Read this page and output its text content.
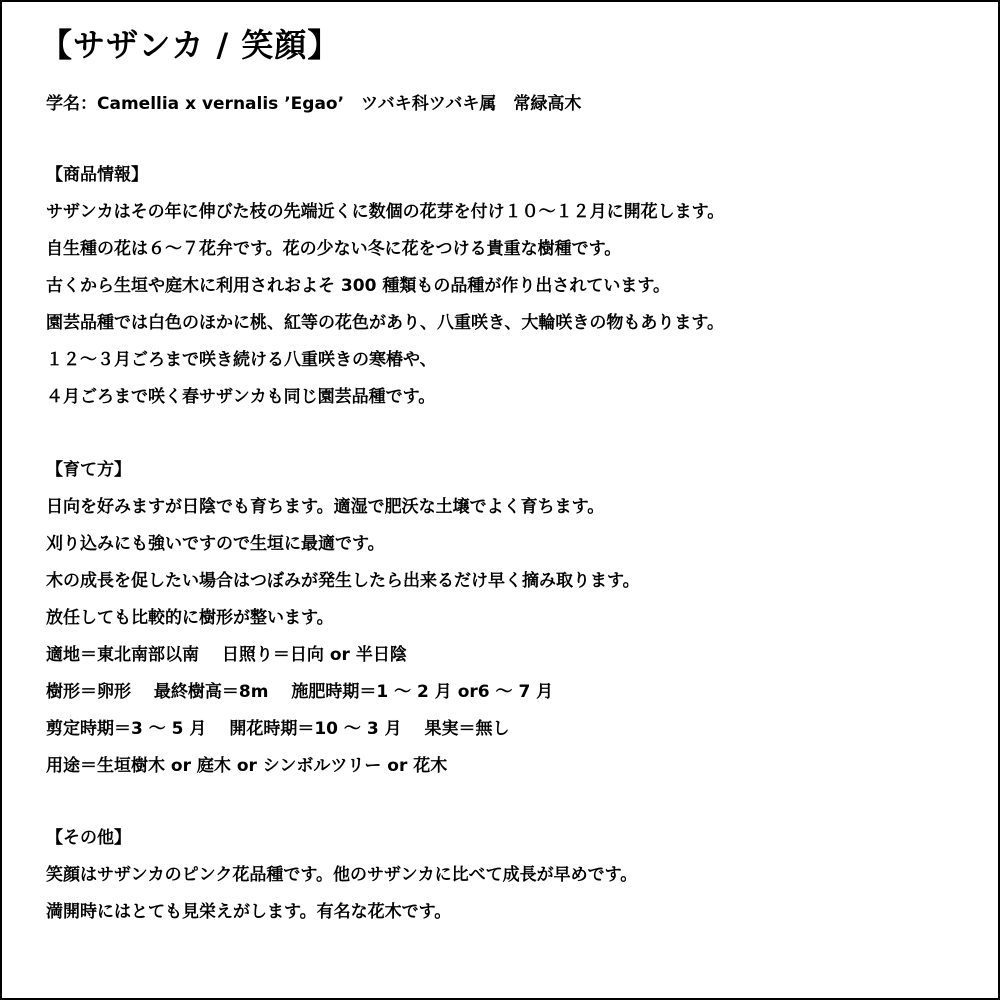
【サザンカ / 笑顔】
学名：Camellia x vernalis ’Egao’　ツバキ科ツバキ属　常緑高木
【商品情報】
サザンカはその年に伸びた枝の先端近くに数個の花芽を付け１０～１２月に開花します。
自生種の花は６～７花弁です。花の少ない冬に花をつける貴重な樹種です。
古くから生垣や庭木に利用されおよそ 300 種類もの品種が作り出されています。
園芸品種では白色のほかに桃、紅等の花色があり、八重咲き、大輪咲きの物もあります。
１２～３月ごろまで咲き続ける八重咲きの寒椿や、
４月ごろまで咲く春サザンカも同じ園芸品種です。
【育て方】
日向を好みますが日陰でも育ちます。適湿で肥沃な土壌でよく育ちます。
刈り込みにも強いですので生垣に最適です。
木の成長を促したい場合はつぼみが発生したら出来るだけ早く摘み取ります。
放任しても比較的に樹形が整います。
適地＝東北南部以南　 日照り＝日向 or 半日陰
樹形＝卵形　 最終樹高＝8m　 施肥時期＝1 ～ 2 月 or6 ～ 7 月
剪定時期＝3 ～ 5 月　 開花時期＝10 ～ 3 月　 果実＝無し
用途＝生垣樹木 or 庭木 or シンボルツリー or 花木
【その他】
笑顔はサザンカのピンク花品種です。他のサザンカに比べて成長が早めです。
満開時にはとても見栄えがします。有名な花木です。
